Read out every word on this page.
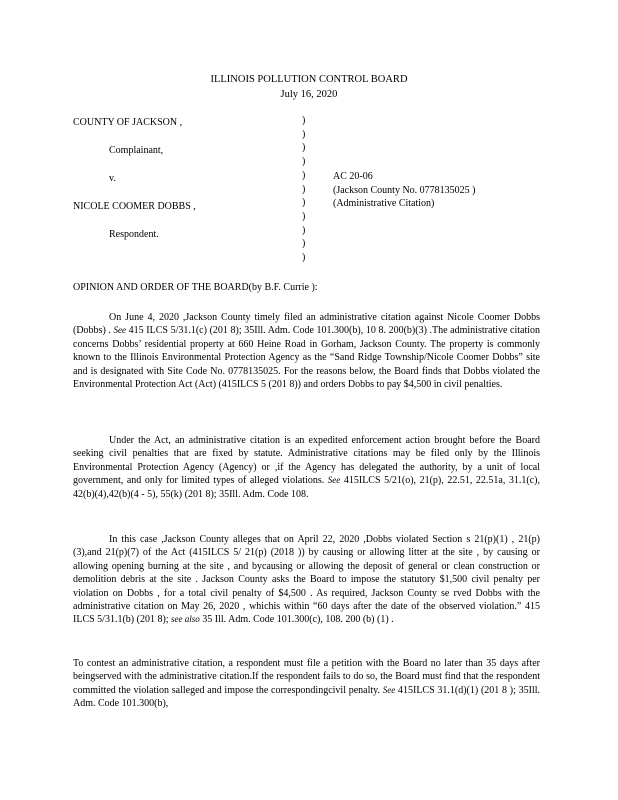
ILLINOIS POLLUTION CONTROL BOARD
July 16, 2020
COUNTY OF JACKSON ,
Complainant,
v.
NICOLE COOMER DOBBS ,
Respondent.
)
)
)
)
)
)
)
)
)
)
)
AC 20-06
(Jackson County No. 0778135025 )
(Administrative Citation)
OPINION AND ORDER OF THE BOARD(by B.F. Currie ):
On June 4, 2020 ,Jackson County timely filed an administrative citation against Nicole Coomer Dobbs (Dobbs) . See 415 ILCS 5/31.1(c) (201 8); 35Ill. Adm. Code 101.300(b), 10 8. 200(b)(3) .The administrative citation concerns Dobbs’ residential property at 660 Heine Road in Gorham, Jackson County. The property is commonly known to the Illinois Environmental Protection Agency as the “Sand Ridge Township/Nicole Coomer Dobbs” site and is designated with Site Code No. 0778135025. For the reasons below, the Board finds that Dobbs violated the Environmental Protection Act (Act) (415ILCS 5 (201 8)) and orders Dobbs to pay $4,500 in civil penalties.
Under the Act, an administrative citation is an expedited enforcement action brought before the Board seeking civil penalties that are fixed by statute. Administrative citations may be filed only by the Illinois Environmental Protection Agency (Agency) or ,if the Agency has delegated the authority, by a unit of local government, and only for limited types of alleged violations. See 415ILCS 5/21(o), 21(p), 22.51, 22.51a, 31.1(c), 42(b)(4),42(b)(4 - 5), 55(k) (201 8); 35Ill. Adm. Code 108.
In this case ,Jackson County alleges that on April 22, 2020 ,Dobbs violated Section s 21(p)(1) , 21(p)(3),and 21(p)(7) of the Act (415ILCS 5/ 21(p) (2018 )) by causing or allowing litter at the site , by causing or allowing opening burning at the site , and bycausing or allowing the deposit of general or clean construction or demolition debris at the site . Jackson County asks the Board to impose the statutory $1,500 civil penalty per violation on Dobbs , for a total civil penalty of $4,500 . As required, Jackson County se rved Dobbs with the administrative citation on May 26, 2020 , whichis within “60 days after the date of the observed violation.” 415 ILCS 5/31.1(b) (201 8); see also 35 Ill. Adm. Code 101.300(c), 108. 200 (b) (1) .
To contest an administrative citation, a respondent must file a petition with the Board no later than 35 days after beingserved with the administrative citation.If the respondent fails to do so, the Board must find that the respondent committed the violation salleged and impose the correspondingcivil penalty. See 415ILCS 31.1(d)(1) (201 8 ); 35Ill. Adm. Code 101.300(b),
